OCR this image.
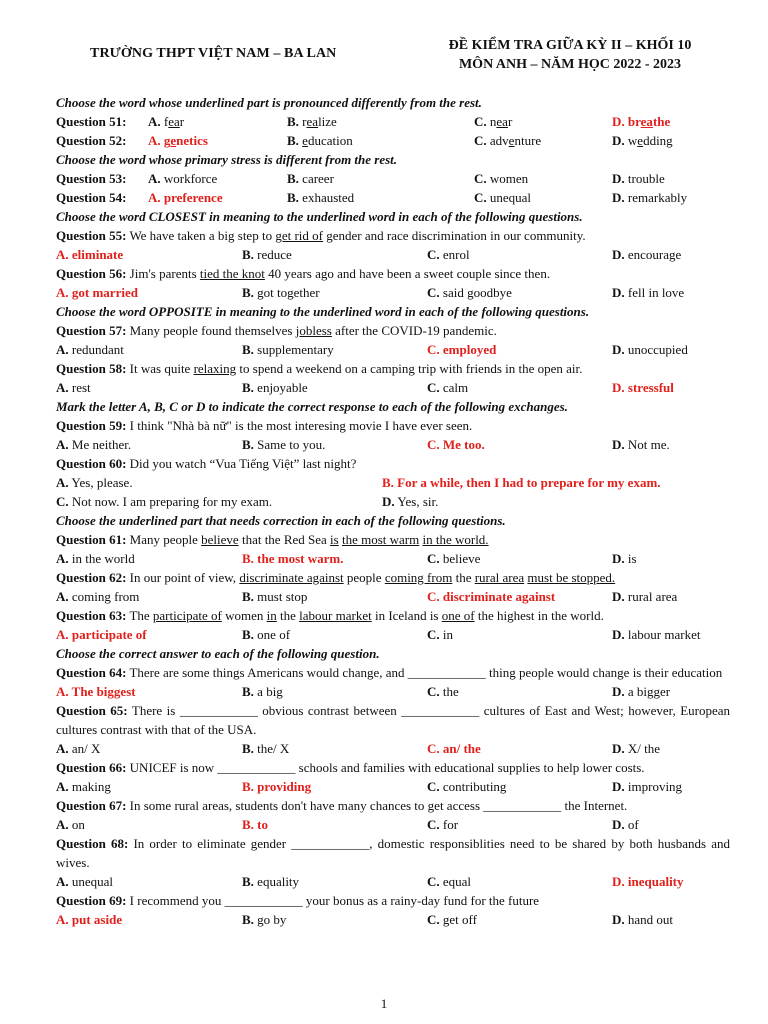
TRƯỜNG THPT VIỆT NAM – BA LAN
ĐỀ KIỂM TRA GIỮA KỲ II – KHỐI 10
MÔN ANH – NĂM HỌC 2022 - 2023
Choose the word whose underlined part is pronounced differently from the rest.
Question 51: A. fear	B. realize	C. near	D. breathe
Question 52: A. genetics	B. education	C. adventure	D. wedding
Choose the word whose primary stress is different from the rest.
Question 53: A. workforce	B. career	C. women	D. trouble
Question 54: A. preference	B. exhausted	C. unequal	D. remarkably
Choose the word CLOSEST in meaning to the underlined word in each of the following questions.
Question 55: We have taken a big step to get rid of gender and race discrimination in our community.
A. eliminate	B. reduce	C. enrol	D. encourage
Question 56: Jim's parents tied the knot 40 years ago and have been a sweet couple since then.
A. got married	B. got together	C. said goodbye	D. fell in love
Choose the word OPPOSITE in meaning to the underlined word in each of the following questions.
Question 57: Many people found themselves jobless after the COVID-19 pandemic.
A. redundant	B. supplementary	C. employed	D. unoccupied
Question 58: It was quite relaxing to spend a weekend on a camping trip with friends in the open air.
A. rest	B. enjoyable	C. calm	D. stressful
Mark the letter A, B, C or D to indicate the correct response to each of the following exchanges.
Question 59: I think "Nhà bà nữ" is the most interesing movie I have ever seen.
A. Me neither.	B. Same to you.	C. Me too.	D. Not me.
Question 60: Did you watch “Vua Tiếng Việt” last night?
A. Yes, please.	B. For a while, then I had to prepare for my exam.
C. Not now. I am preparing for my exam.	D. Yes, sir.
Choose the underlined part that needs correction in each of the following questions.
Question 61: Many people believe that the Red Sea is the most warm in the world.
A. in the world	B. the most warm.	C. believe	D. is
Question 62: In our point of view, discriminate against people coming from the rural area must be stopped.
A. coming from	B. must stop	C. discriminate against	D. rural area
Question 63: The participate of women in the labour market in Iceland is one of the highest in the world.
A. participate of	B. one of	C. in	D. labour market
Choose the correct answer to each of the following question.
Question 64: There are some things Americans would change, and ____________ thing people would change is their education
A. The biggest	B. a big	C. the	D. a bigger
Question 65: There is ____________ obvious contrast between ____________ cultures of East and West; however, European cultures contrast with that of the USA.
A. an/ X	B. the/ X	C. an/ the	D. X/ the
Question 66: UNICEF is now ____________ schools and families with educational supplies to help lower costs.
A. making	B. providing	C. contributing	D. improving
Question 67: In some rural areas, students don't have many chances to get access ____________ the Internet.
A. on	B. to	C. for	D. of
Question 68: In order to eliminate gender ____________, domestic responsiblities need to be shared by both husbands and wives.
A. unequal	B. equality	C. equal	D. inequality
Question 69: I recommend you ____________ your bonus as a rainy-day fund for the future
A. put aside	B. go by	C. get off	D. hand out
1
